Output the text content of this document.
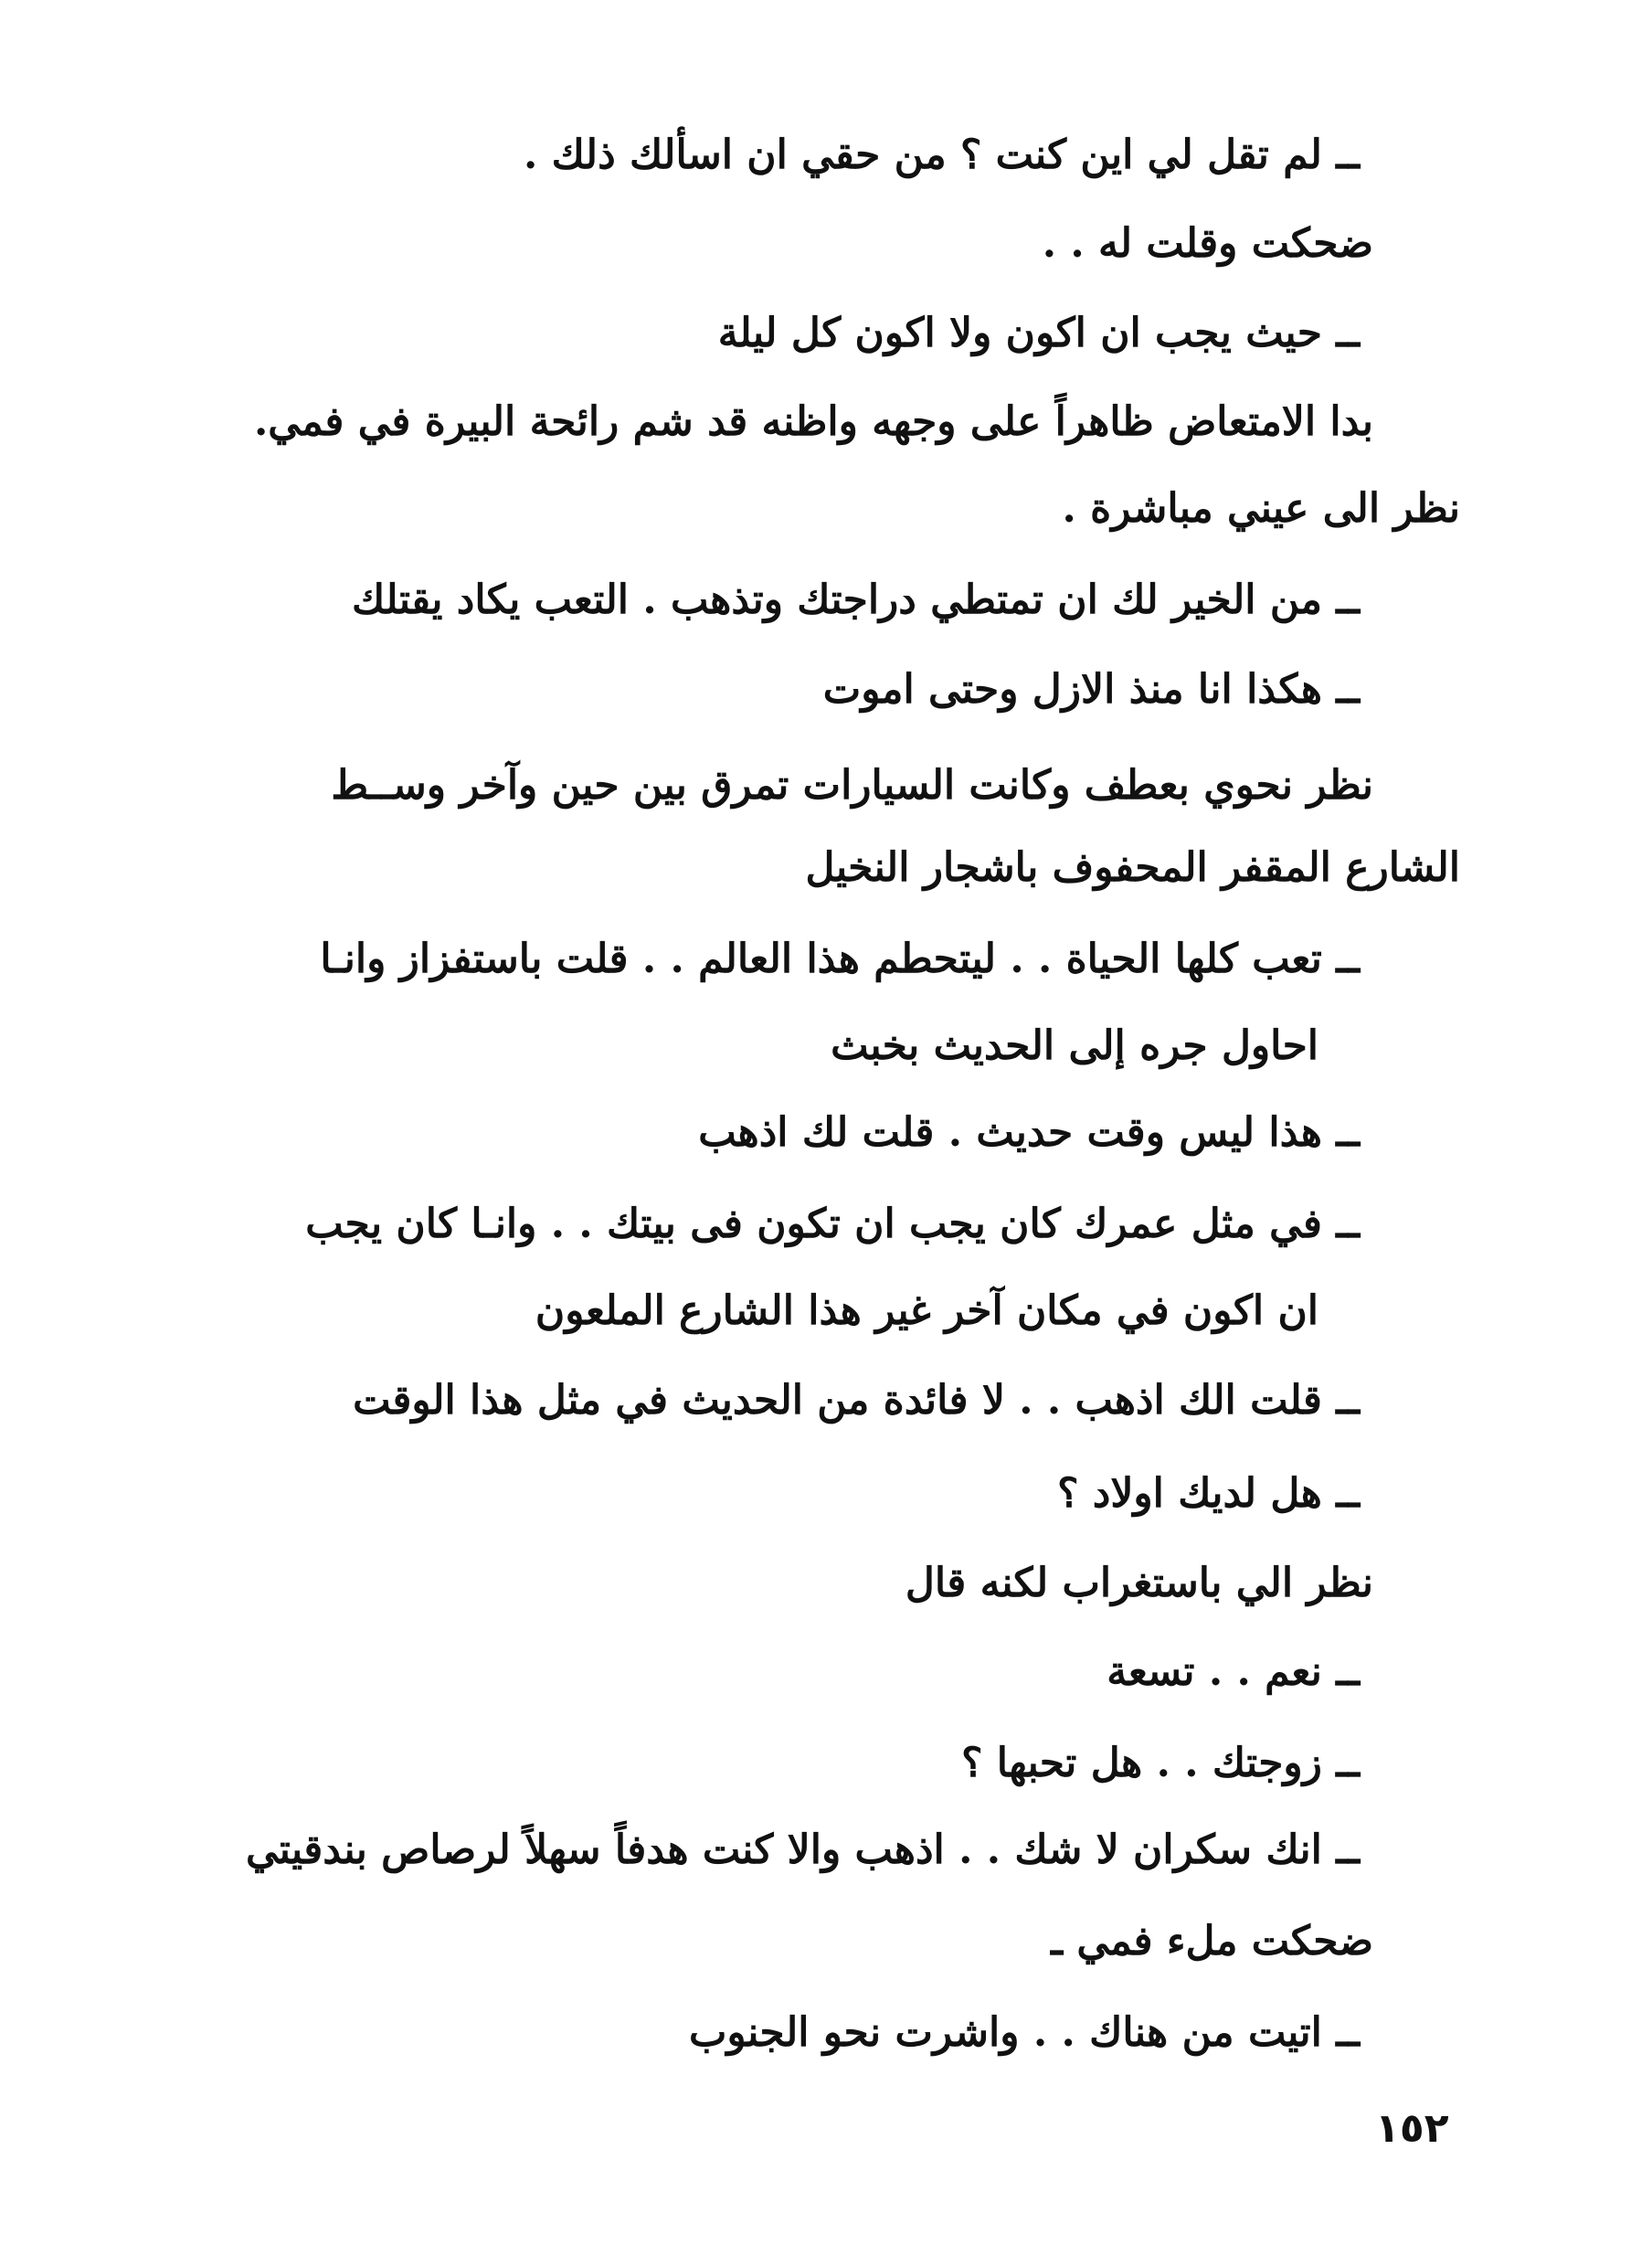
ــ لم تقل لي اين كنت ؟ من حقي ان اسألك ذلك .
ضحكت وقلت له . .
ــ حيث يجب ان اكون ولا اكون كل ليلة
بدا الامتعاض ظاهراً على وجهه واظنه قد شم رائحة البيرة في فمي.
نظر الى عيني مباشرة .
ــ من الخير لك ان تمتطي دراجتك وتذهب . التعب يكاد يقتلك
ــ هكذا انا منذ الازل وحتى اموت
نظر نحوي بعطف وكانت السيارات تمرق بين حين وآخر وســط
الشارع المقفر المحفوف باشجار النخيل
ــ تعب كلها الحياة . . ليتحطم هذا العالم . . قلت باستفزاز وانـا
احاول جره إلى الحديث بخبث
ــ هذا ليس وقت حديث . قلت لك اذهب
ــ في مثل عمرك كان يجب ان تكون فى بيتك . . وانـا كان يجب
ان اكون في مكان آخر غير هذا الشارع الملعون
ــ قلت الك اذهب . . لا فائدة من الحديث في مثل هذا الوقت
ــ هل لديك اولاد ؟
نظر الي باستغراب لكنه قال
ــ نعم . . تسعة
ــ زوجتك . . هل تحبها ؟
ــ انك سكران لا شك . . اذهب والا كنت هدفاً سهلاً لرصاص بندقيتي
ضحكت ملء فمي ـ
ــ اتيت من هناك . . واشرت نحو الجنوب
١٥٢
